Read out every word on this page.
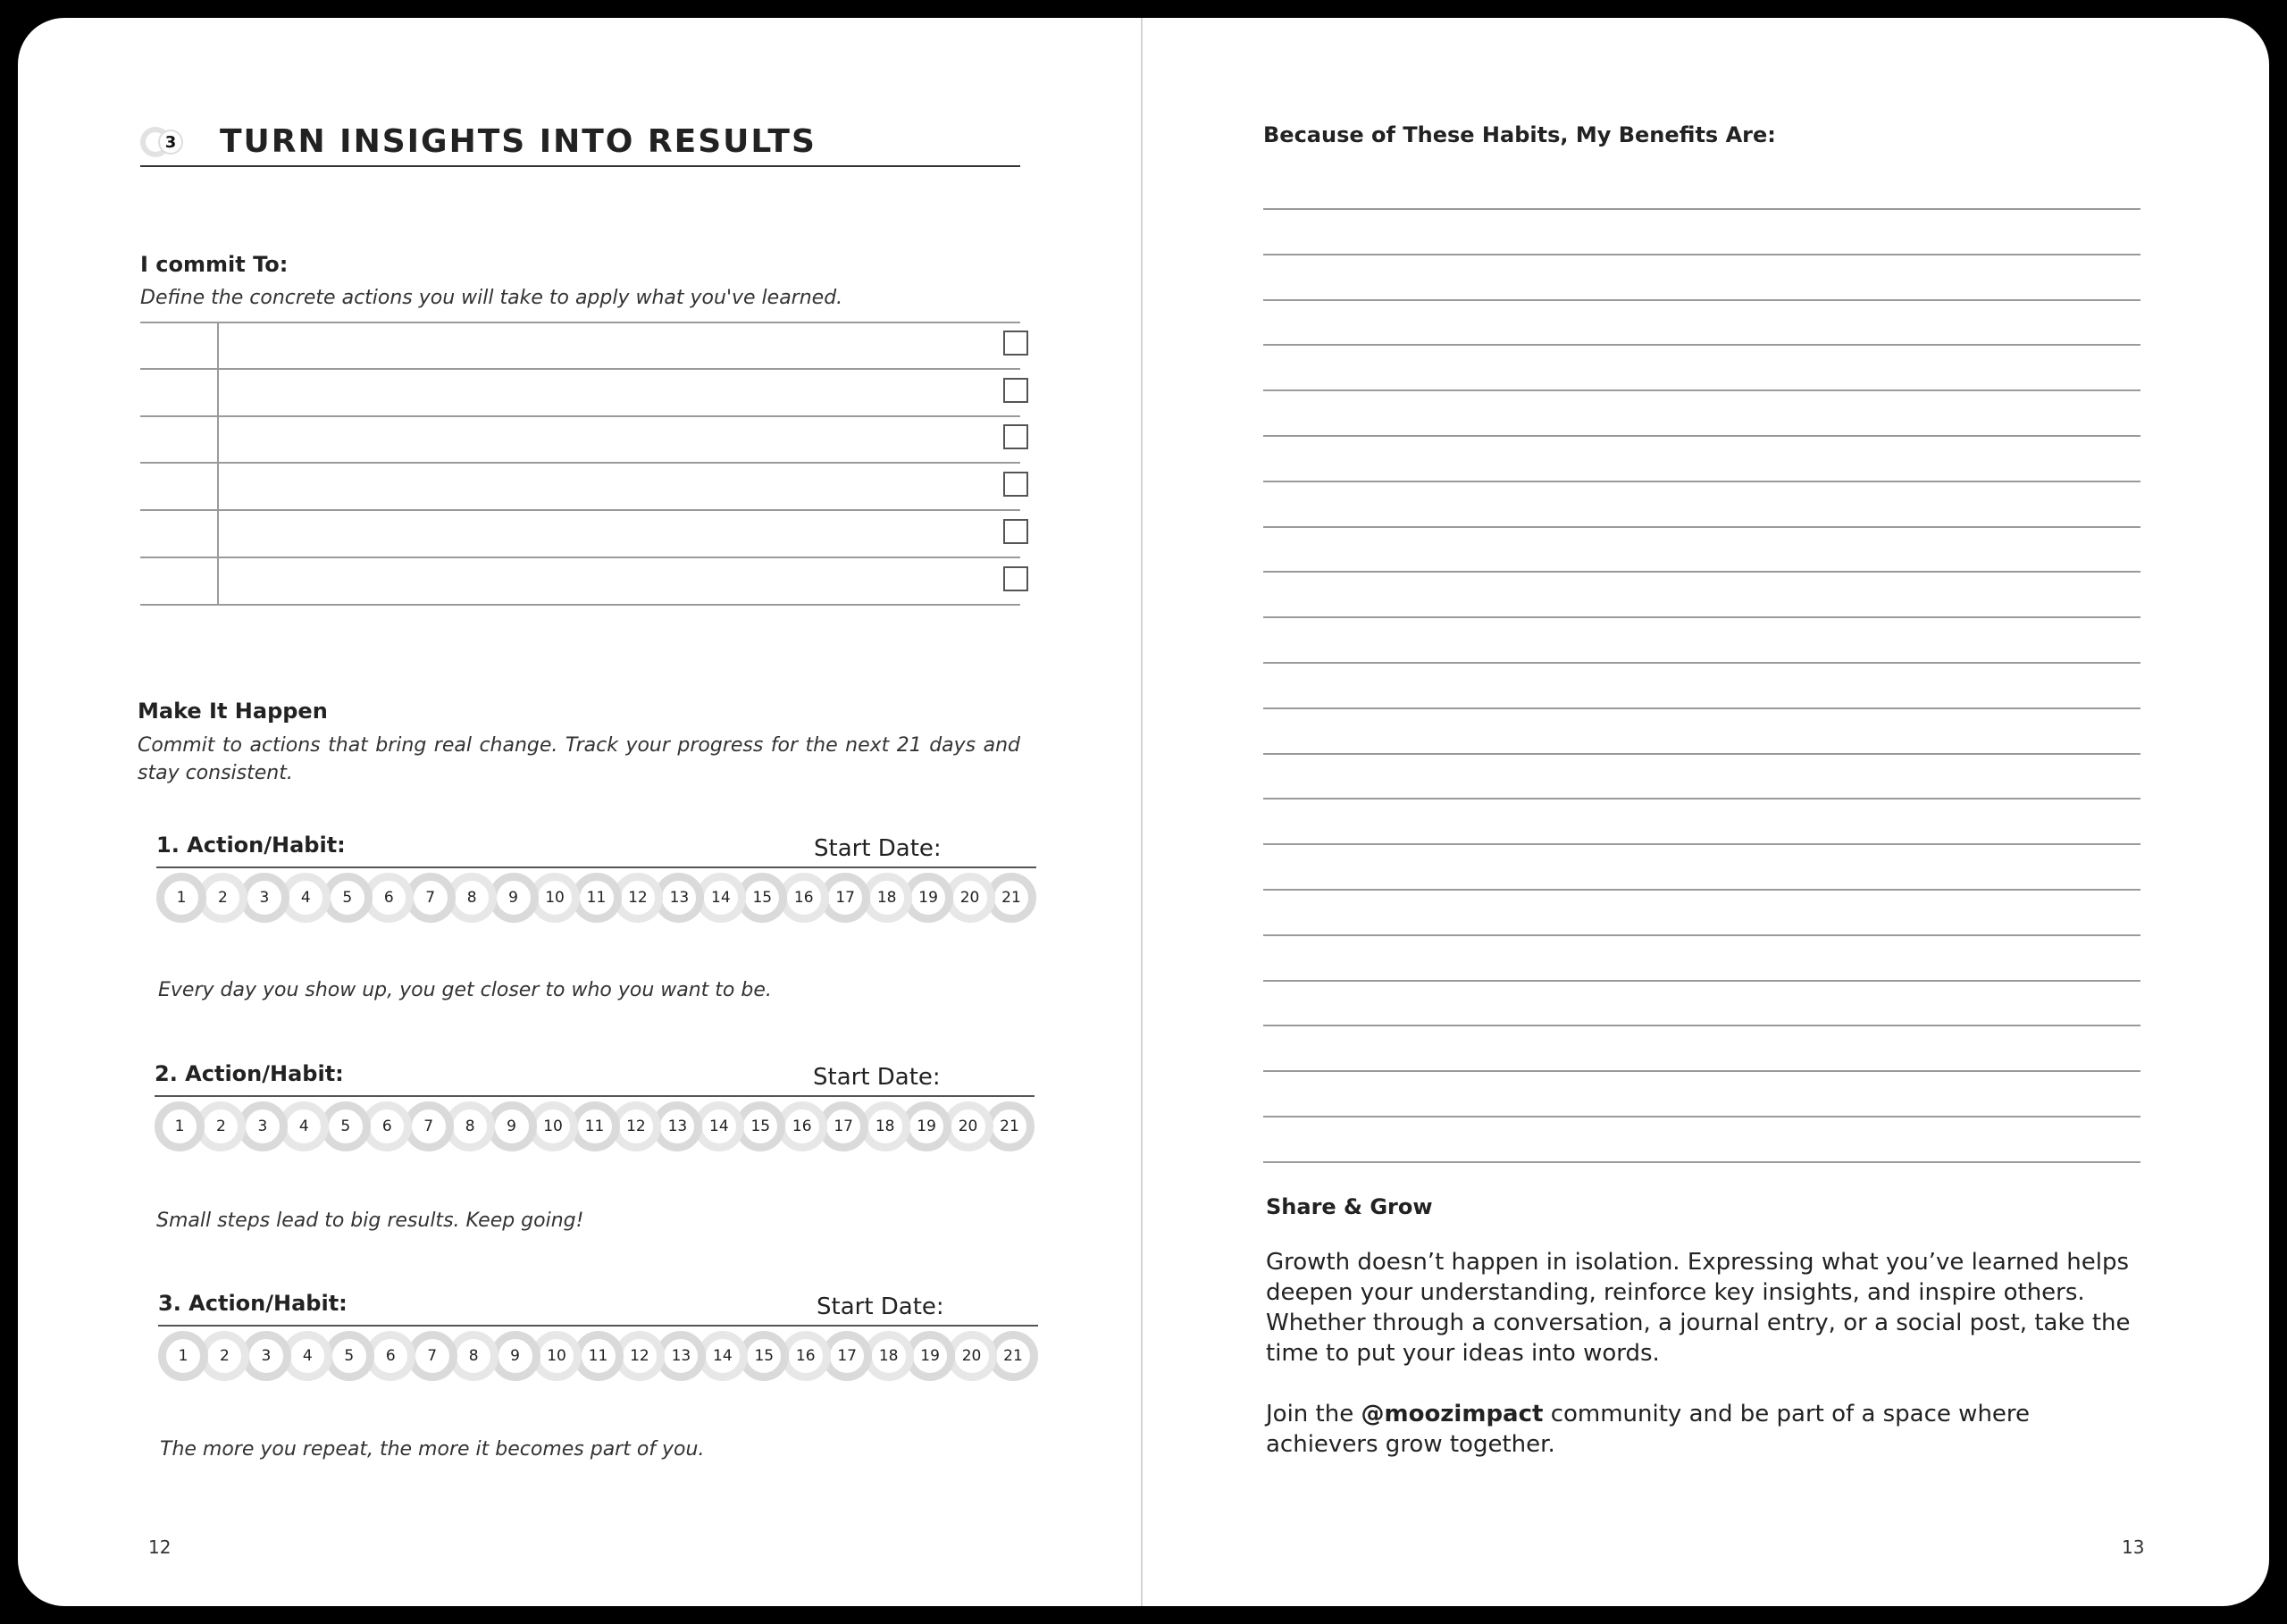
3 TURN INSIGHTS INTO RESULTS
I commit To:
Define the concrete actions you will take to apply what you've learned.
Make It Happen
Commit to actions that bring real change. Track your progress for the next 21 days and stay consistent.
1. Action/Habit:	Start Date:
1	2	3	4	5	6	7	8	9	10	11	12	13	14	15	16	17	18	19	20	21
Every day you show up, you get closer to who you want to be.
2. Action/Habit:	Start Date:
1	2	3	4	5	6	7	8	9	10	11	12	13	14	15	16	17	18	19	20	21
Small steps lead to big results. Keep going!
3. Action/Habit:	Start Date:
1	2	3	4	5	6	7	8	9	10	11	12	13	14	15	16	17	18	19	20	21
The more you repeat, the more it becomes part of you.
12
Because of These Habits, My Benefits Are:
Share & Grow
Growth doesn’t happen in isolation. Expressing what you’ve learned helps deepen your understanding, reinforce key insights, and inspire others. Whether through a conversation, a journal entry, or a social post, take the time to put your ideas into words.
Join the @moozimpact community and be part of a space where achievers grow together.
13
